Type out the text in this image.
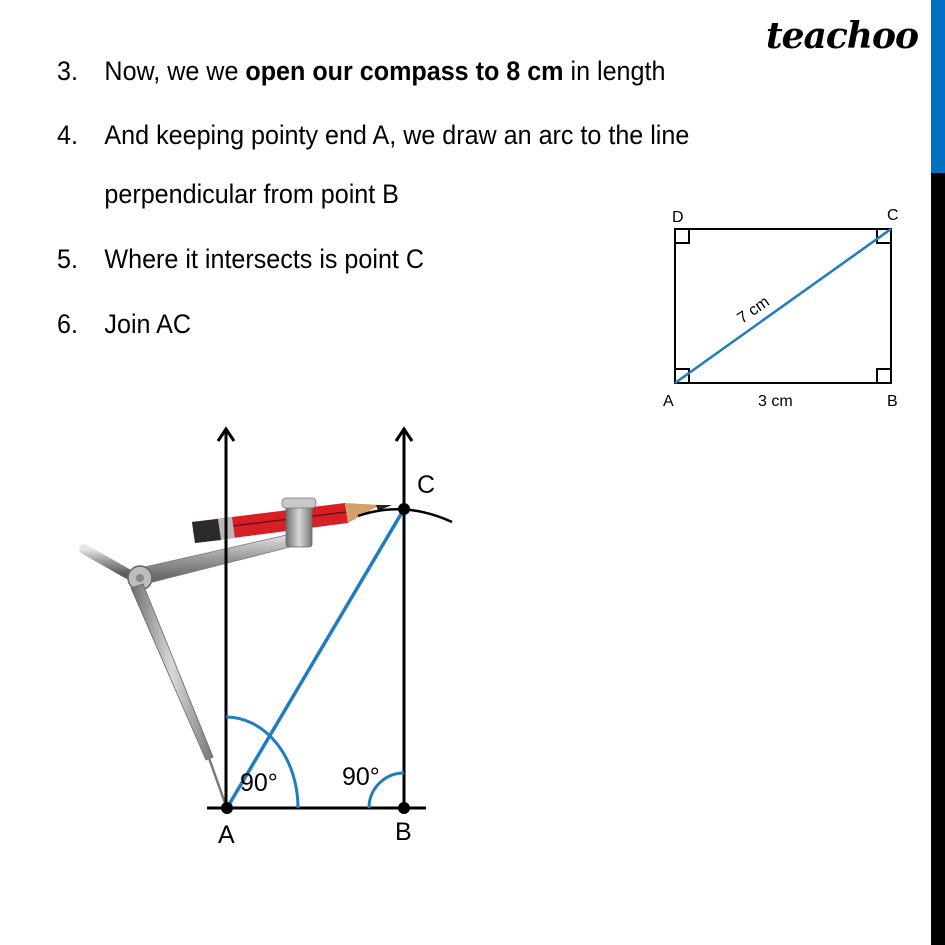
teachoo
3. Now, we we open our compass to 8 cm in length
4. And keeping pointy end A, we draw an arc to the line
perpendicular from point B
5. Where it intersects is point C
6. Join AC
D	C
A	B
3 cm
7 cm
90°	90°
A	B
C
